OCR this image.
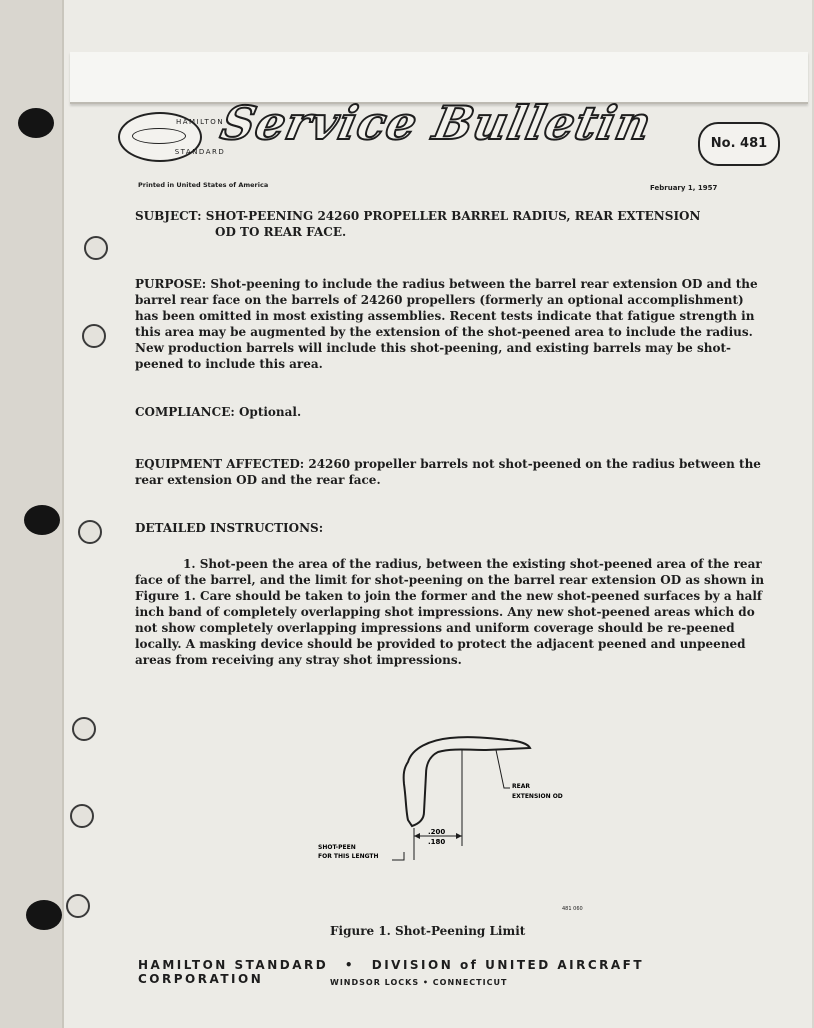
HAMILTON
STANDARD
Service Bulletin	No. 481
Printed in United States of America	February 1, 1957
SUBJECT: SHOT-PEENING 24260 PROPELLER BARREL RADIUS, REAR EXTENSION
OD TO REAR FACE.
PURPOSE: Shot-peening to include the radius between the barrel rear extension OD and the barrel rear face on the barrels of 24260 propellers (formerly an optional accomplishment) has been omitted in most existing assemblies. Recent tests indicate that fatigue strength in this area may be augmented by the extension of the shot-peened area to include the radius. New production barrels will include this shot-peening, and existing barrels may be shot-peened to include this area.
COMPLIANCE: Optional.
EQUIPMENT AFFECTED: 24260 propeller barrels not shot-peened on the radius between the rear extension OD and the rear face.
DETAILED INSTRUCTIONS:
1. Shot-peen the area of the radius, between the existing shot-peened area of the rear face of the barrel, and the limit for shot-peening on the barrel rear extension OD as shown in Figure 1. Care should be taken to join the former and the new shot-peened surfaces by a half inch band of completely overlapping shot impressions. Any new shot-peened areas which do not show completely overlapping impressions and uniform coverage should be re-peened locally. A masking device should be provided to protect the adjacent peened and unpeened areas from receiving any stray shot impressions.
REAR
EXTENSION OD
.200
.180
SHOT-PEEN
FOR THIS LENGTH
481 060
Figure 1. Shot-Peening Limit
HAMILTON STANDARD • DIVISION of UNITED AIRCRAFT CORPORATION	WINDSOR LOCKS • CONNECTICUT
